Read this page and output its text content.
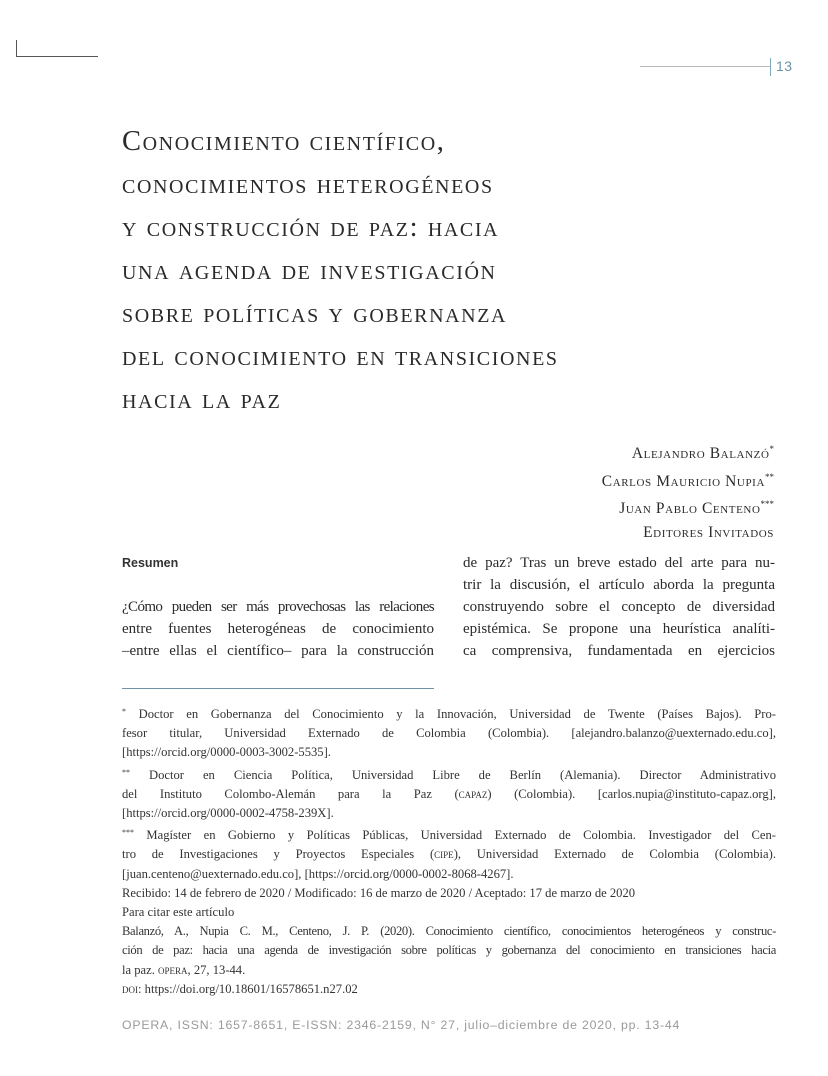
13
Conocimiento científico,
conocimientos heterogéneos
y construcción de paz: hacia
una agenda de investigación
sobre políticas y gobernanza
del conocimiento en transiciones
hacia la paz
Alejandro Balanzó*
Carlos Mauricio Nupia**
Juan Pablo Centeno***
Editores Invitados
Resumen
¿Cómo pueden ser más provechosas las relaciones
entre fuentes heterogéneas de conocimiento
–entre ellas el científico– para la construcción
de paz? Tras un breve estado del arte para nu-
trir la discusión, el artículo aborda la pregunta
construyendo sobre el concepto de diversidad
epistémica. Se propone una heurística analíti-
ca comprensiva, fundamentada en ejercicios
* Doctor en Gobernanza del Conocimiento y la Innovación, Universidad de Twente (Países Bajos). Pro-
fesor titular, Universidad Externado de Colombia (Colombia). [alejandro.balanzo@uexternado.edu.co],
[https://orcid.org/0000-0003-3002-5535].
** Doctor en Ciencia Política, Universidad Libre de Berlín (Alemania). Director Administrativo
del Instituto Colombo-Alemán para la Paz (capaz) (Colombia). [carlos.nupia@instituto-capaz.org],
[https://orcid.org/0000-0002-4758-239X].
*** Magíster en Gobierno y Políticas Públicas, Universidad Externado de Colombia. Investigador del Cen-
tro de Investigaciones y Proyectos Especiales (cipe), Universidad Externado de Colombia (Colombia).
[juan.centeno@uexternado.edu.co], [https://orcid.org/0000-0002-8068-4267].
Recibido: 14 de febrero de 2020 / Modificado: 16 de marzo de 2020 / Aceptado: 17 de marzo de 2020
Para citar este artículo
Balanzó, A., Nupia C. M., Centeno, J. P. (2020). Conocimiento científico, conocimientos heterogéneos y construc-
ción de paz: hacia una agenda de investigación sobre políticas y gobernanza del conocimiento en transiciones hacia
la paz. opera, 27, 13-44.
doi: https://doi.org/10.18601/16578651.n27.02
OPERA, ISSN: 1657-8651, E-ISSN: 2346-2159, N° 27, julio–diciembre de 2020, pp. 13-44
